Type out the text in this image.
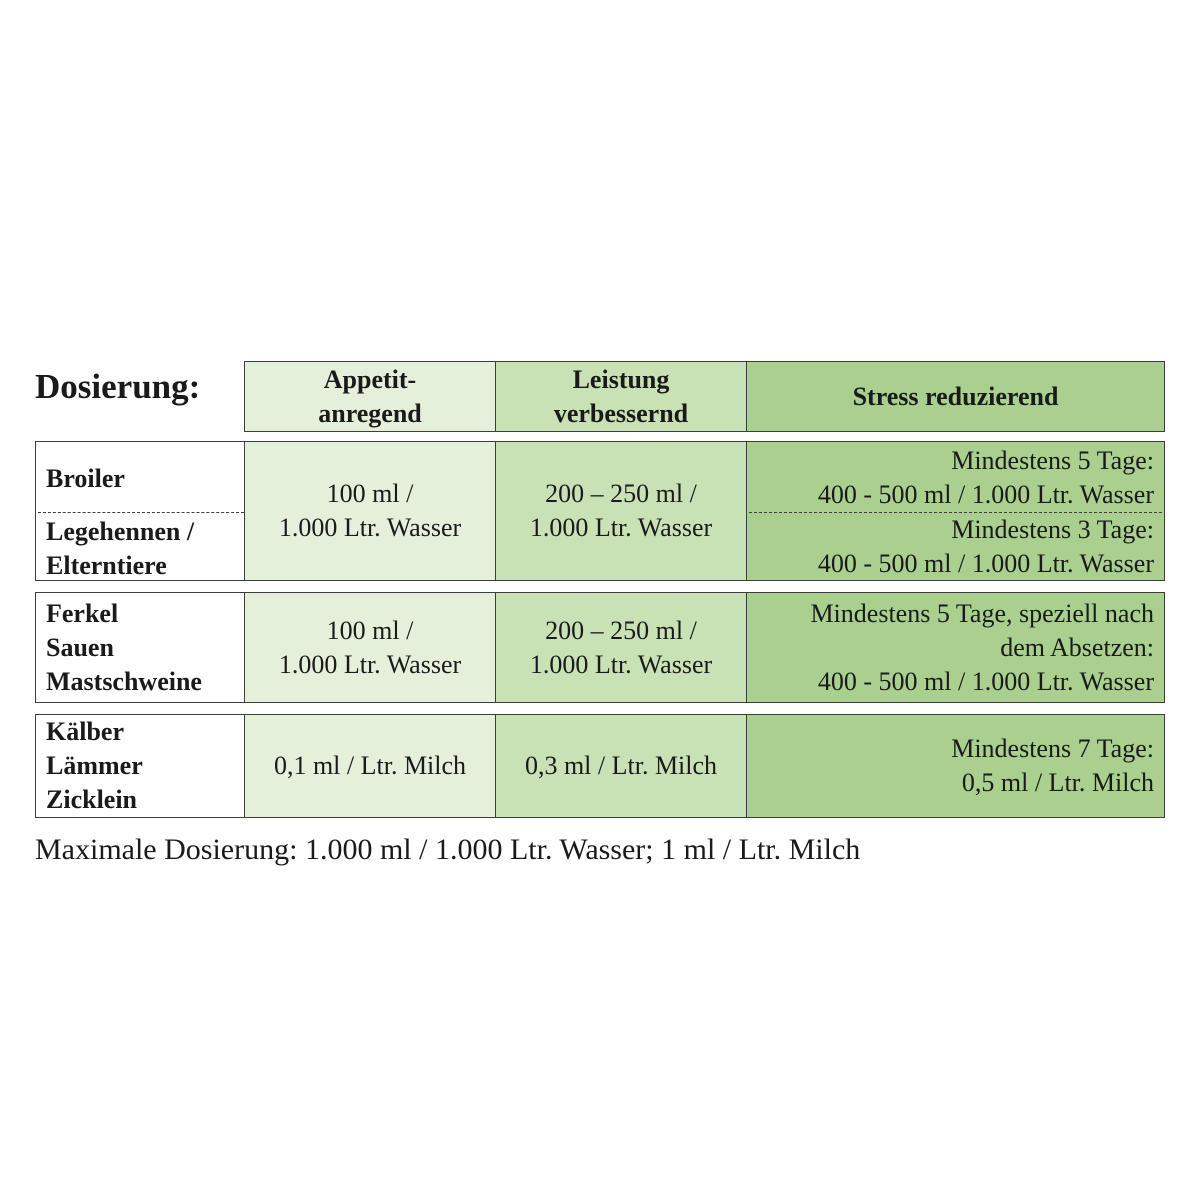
Dosierung:	Appetit-
anregend
Leistung
verbessernd
Stress reduzierend
Broiler
Legehennen /
Elterntiere
100 ml /
1.000 Ltr. Wasser
200 – 250 ml /
1.000 Ltr. Wasser
Mindestens 5 Tage:
400 - 500 ml / 1.000 Ltr. Wasser
Mindestens 3 Tage:
400 - 500 ml / 1.000 Ltr. Wasser
Ferkel
Sauen
Mastschweine
100 ml /
1.000 Ltr. Wasser
200 – 250 ml /
1.000 Ltr. Wasser
Mindestens 5 Tage, speziell nach
dem Absetzen:
400 - 500 ml / 1.000 Ltr. Wasser
Kälber
Lämmer
Zicklein
0,1 ml / Ltr. Milch 0,3 ml / Ltr. Milch
Mindestens 7 Tage:
0,5 ml / Ltr. Milch
Maximale Dosierung: 1.000 ml / 1.000 Ltr. Wasser; 1 ml / Ltr. Milch
